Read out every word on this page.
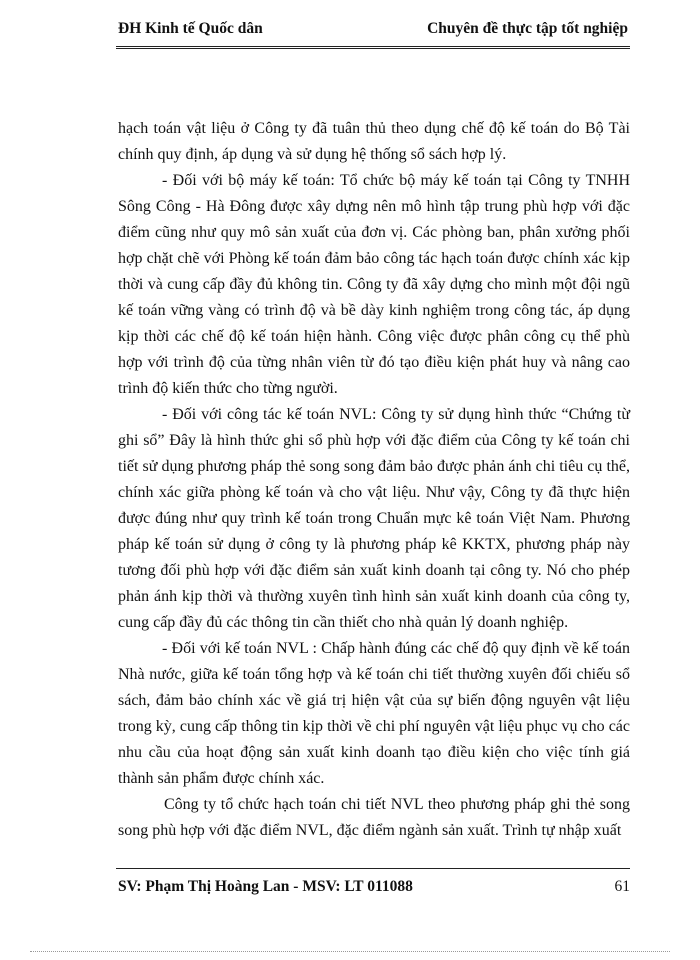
ĐH Kinh tế Quốc dân	Chuyên đề thực tập tốt nghiệp

hạch toán vật liệu ở Công ty đã tuân thủ theo dụng chế độ kế toán do Bộ Tài chính quy định, áp dụng và sử dụng hệ thống sổ sách hợp lý.

- Đối với bộ máy kế toán: Tổ chức bộ máy kế toán tại Công ty TNHH Sông Công - Hà Đông được xây dựng nên mô hình tập trung phù hợp với đặc điểm cũng như quy mô sản xuất của đơn vị. Các phòng ban, phân xưởng phối hợp chặt chẽ với Phòng kế toán đảm bảo công tác hạch toán được chính xác kịp thời và cung cấp đầy đủ không tin. Công ty đã xây dựng cho mình một đội ngũ kế toán vững vàng có trình độ và bề dày kinh nghiệm trong công tác, áp dụng kịp thời các chế độ kế toán hiện hành. Công việc được phân công cụ thể phù hợp với trình độ của từng nhân viên từ đó tạo điều kiện phát huy và nâng cao trình độ kiến thức cho từng người.

- Đối với công tác kế toán NVL: Công ty sử dụng hình thức “Chứng từ ghi sổ” Đây là hình thức ghi sổ phù hợp với đặc điểm của Công ty kế toán chi tiết sử dụng phương pháp thẻ song song đảm bảo được phản ánh chi tiêu cụ thể, chính xác giữa phòng kế toán và cho vật liệu. Như vậy, Công ty đã thực hiện được đúng như quy trình kế toán trong Chuẩn mực kê toán Việt Nam. Phương pháp kế toán sử dụng ở công ty là phương pháp kê KKTX, phương pháp này tương đối phù hợp với đặc điểm sản xuất kinh doanh tại công ty. Nó cho phép phản ánh kịp thời và thường xuyên tình hình sản xuất kinh doanh của công ty, cung cấp đầy đủ các thông tin cần thiết cho nhà quản lý doanh nghiệp.

- Đối với kế toán NVL : Chấp hành đúng các chế độ quy định về kế toán Nhà nước, giữa kế toán tổng hợp và kế toán chi tiết thường xuyên đối chiếu sổ sách, đảm bảo chính xác về giá trị hiện vật của sự biến động nguyên vật liệu trong kỳ, cung cấp thông tin kịp thời về chi phí nguyên vật liệu phục vụ cho các nhu cầu của hoạt động sản xuất kinh doanh tạo điều kiện cho việc tính giá thành sản phẩm được chính xác.

Công ty tổ chức hạch toán chi tiết NVL theo phương pháp ghi thẻ song song phù hợp với đặc điểm NVL, đặc điểm ngành sản xuất. Trình tự nhập xuất

SV: Phạm Thị Hoàng Lan - MSV: LT 011088	61
